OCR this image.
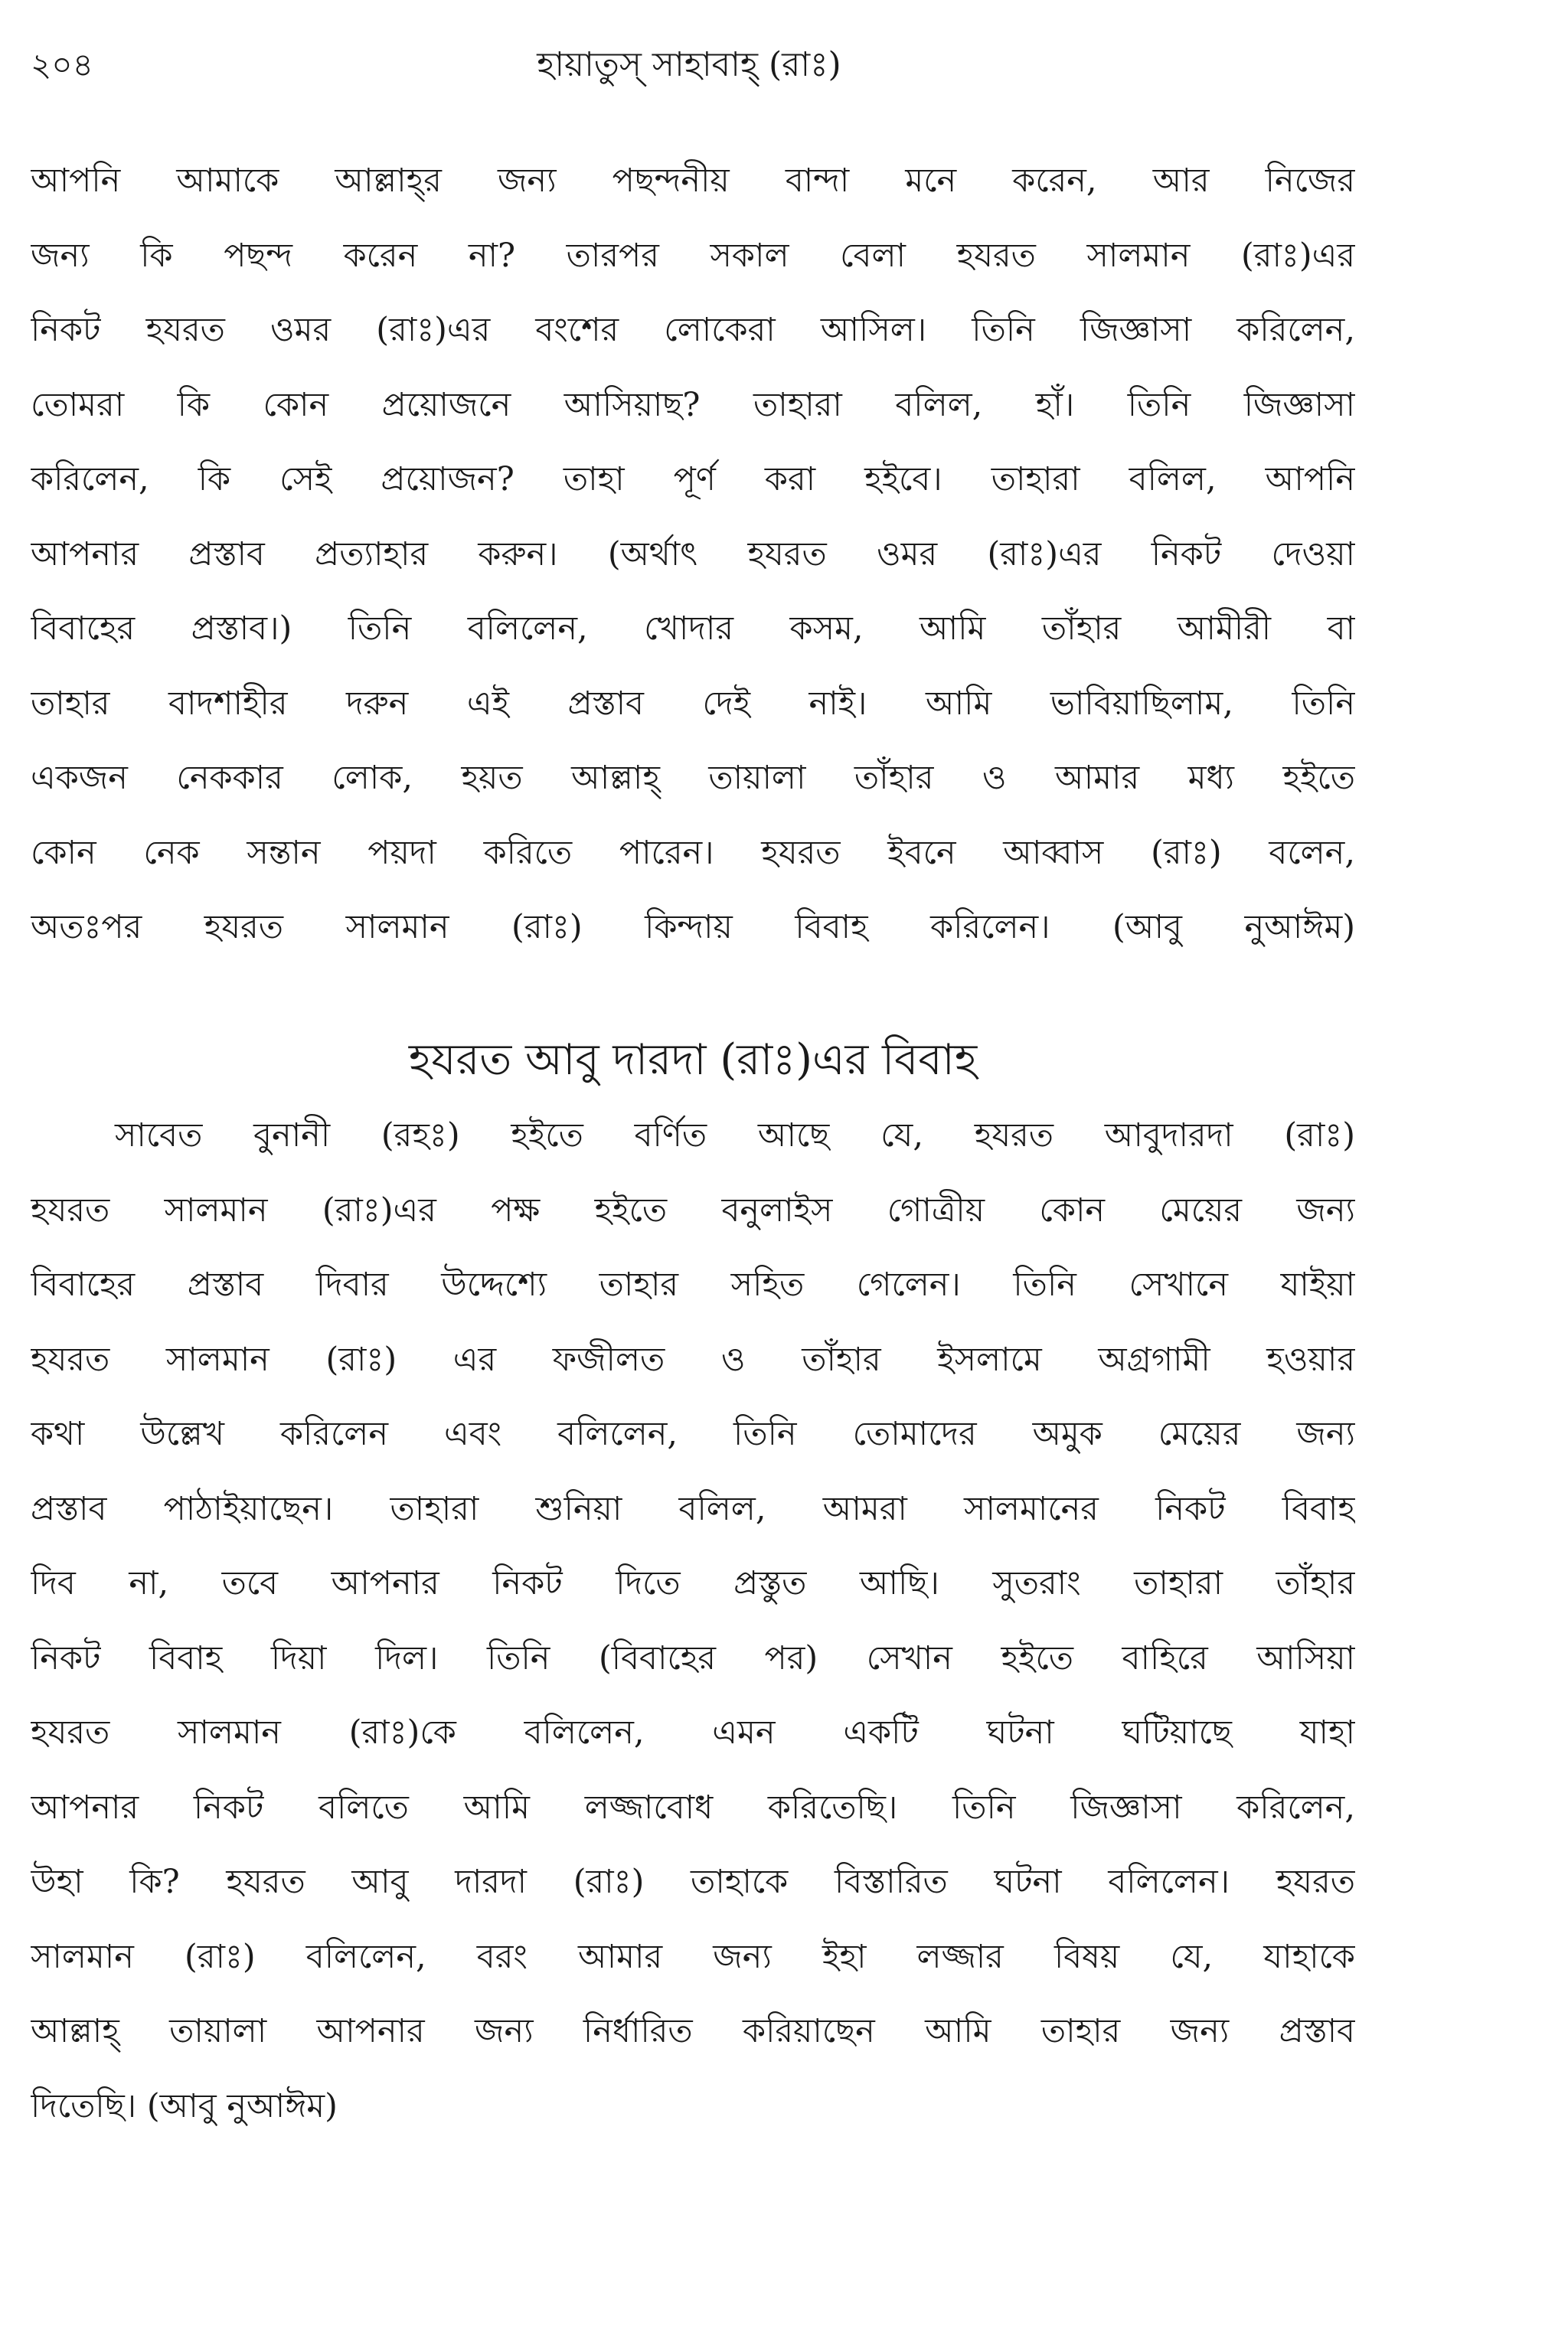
২০৪	হায়াতুস্ সাহাবাহ্ (রাঃ)
আপনি আমাকে আল্লাহ্‌র জন্য পছন্দনীয় বান্দা মনে করেন, আর নিজের
জন্য কি পছন্দ করেন না? তারপর সকাল বেলা হযরত সালমান (রাঃ)এর
নিকট হযরত ওমর (রাঃ)এর বংশের লোকেরা আসিল। তিনি জিজ্ঞাসা করিলেন,
তোমরা কি কোন প্রয়োজনে আসিয়াছ? তাহারা বলিল, হাঁ। তিনি জিজ্ঞাসা
করিলেন, কি সেই প্রয়োজন? তাহা পূর্ণ করা হইবে। তাহারা বলিল, আপনি
আপনার প্রস্তাব প্রত্যাহার করুন। (অর্থাৎ হযরত ওমর (রাঃ)এর নিকট দেওয়া
বিবাহের প্রস্তাব।) তিনি বলিলেন, খোদার কসম, আমি তাঁহার আমীরী বা
তাহার বাদশাহীর দরুন এই প্রস্তাব দেই নাই। আমি ভাবিয়াছিলাম, তিনি
একজন নেককার লোক, হয়ত আল্লাহ্ তায়ালা তাঁহার ও আমার মধ্য হইতে
কোন নেক সন্তান পয়দা করিতে পারেন। হযরত ইবনে আব্বাস (রাঃ) বলেন,
অতঃপর হযরত সালমান (রাঃ) কিন্দায় বিবাহ করিলেন। (আবু নুআঈম)
হযরত আবু দারদা (রাঃ)এর বিবাহ
সাবেত বুনানী (রহঃ) হইতে বর্ণিত আছে যে, হযরত আবুদারদা (রাঃ)
হযরত সালমান (রাঃ)এর পক্ষ হইতে বনুলাইস গোত্রীয় কোন মেয়ের জন্য
বিবাহের প্রস্তাব দিবার উদ্দেশ্যে তাহার সহিত গেলেন। তিনি সেখানে যাইয়া
হযরত সালমান (রাঃ) এর ফজীলত ও তাঁহার ইসলামে অগ্রগামী হওয়ার
কথা উল্লেখ করিলেন এবং বলিলেন, তিনি তোমাদের অমুক মেয়ের জন্য
প্রস্তাব পাঠাইয়াছেন। তাহারা শুনিয়া বলিল, আমরা সালমানের নিকট বিবাহ
দিব না, তবে আপনার নিকট দিতে প্রস্তুত আছি। সুতরাং তাহারা তাঁহার
নিকট বিবাহ দিয়া দিল। তিনি (বিবাহের পর) সেখান হইতে বাহিরে আসিয়া
হযরত সালমান (রাঃ)কে বলিলেন, এমন একটি ঘটনা ঘটিয়াছে যাহা
আপনার নিকট বলিতে আমি লজ্জাবোধ করিতেছি। তিনি জিজ্ঞাসা করিলেন,
উহা কি? হযরত আবু দারদা (রাঃ) তাহাকে বিস্তারিত ঘটনা বলিলেন। হযরত
সালমান (রাঃ) বলিলেন, বরং আমার জন্য ইহা লজ্জার বিষয় যে, যাহাকে
আল্লাহ্ তায়ালা আপনার জন্য নির্ধারিত করিয়াছেন আমি তাহার জন্য প্রস্তাব
দিতেছি। (আবু নুআঈম)
